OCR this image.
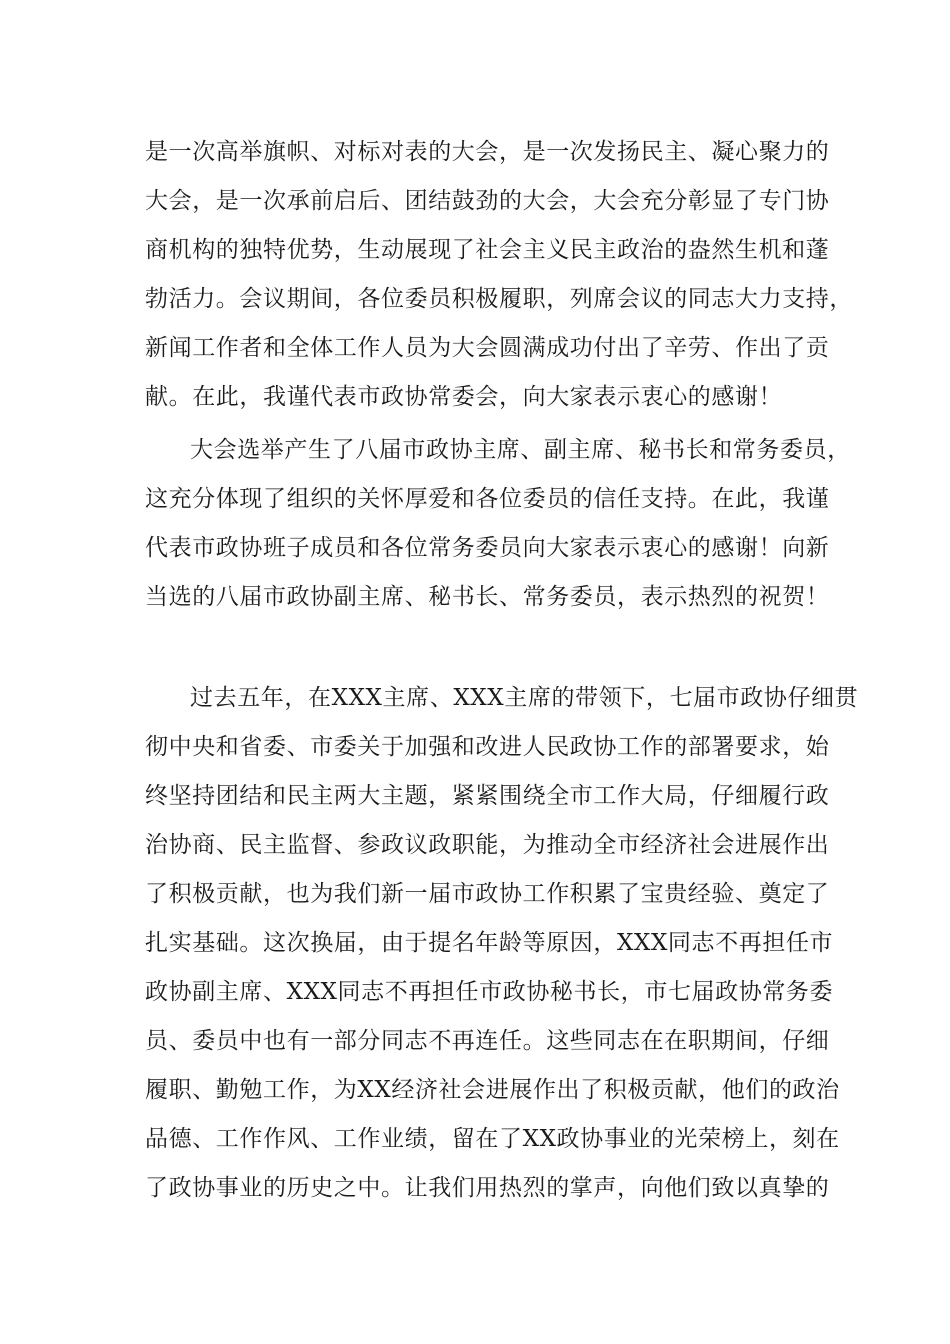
是一次高举旗帜、对标对表的大会，是一次发扬民主、凝心聚力的
大会，是一次承前启后、团结鼓劲的大会，大会充分彰显了专门协
商机构的独特优势，生动展现了社会主义民主政治的盎然生机和蓬
勃活力。会议期间，各位委员积极履职，列席会议的同志大力支持，
新闻工作者和全体工作人员为大会圆满成功付出了辛劳、作出了贡
献。在此，我谨代表市政协常委会，向大家表示衷心的感谢！
大会选举产生了八届市政协主席、副主席、秘书长和常务委员，
这充分体现了组织的关怀厚爱和各位委员的信任支持。在此，我谨
代表市政协班子成员和各位常务委员向大家表示衷心的感谢！向新
当选的八届市政协副主席、秘书长、常务委员，表示热烈的祝贺！
过去五年，在XXX主席、XXX主席的带领下，七届市政协仔细贯
彻中央和省委、市委关于加强和改进人民政协工作的部署要求，始
终坚持团结和民主两大主题，紧紧围绕全市工作大局，仔细履行政
治协商、民主监督、参政议政职能，为推动全市经济社会进展作出
了积极贡献，也为我们新一届市政协工作积累了宝贵经验、奠定了
扎实基础。这次换届，由于提名年龄等原因，XXX同志不再担任市
政协副主席、XXX同志不再担任市政协秘书长，市七届政协常务委
员、委员中也有一部分同志不再连任。这些同志在在职期间，仔细
履职、勤勉工作，为XX经济社会进展作出了积极贡献，他们的政治
品德、工作作风、工作业绩，留在了XX政协事业的光荣榜上，刻在
了政协事业的历史之中。让我们用热烈的掌声，向他们致以真挚的
